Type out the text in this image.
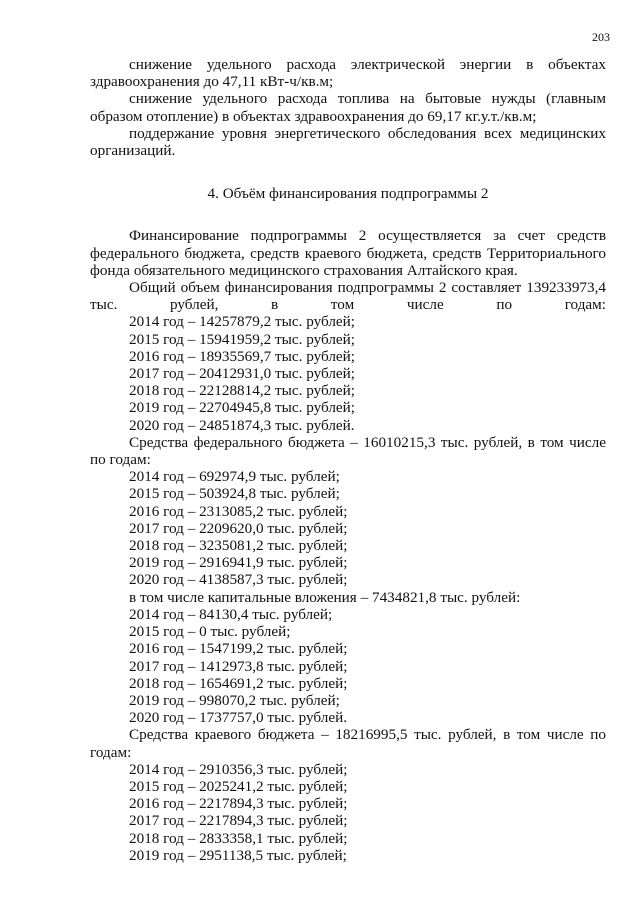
203

снижение удельного расхода электрической энергии в объектах здравоохранения до 47,11 кВт-ч/кв.м;

снижение удельного расхода топлива на бытовые нужды (главным образом отопление) в объектах здравоохранения до 69,17 кг.у.т./кв.м;

поддержание уровня энергетического обследования всех медицинских организаций.

4. Объём финансирования подпрограммы 2

Финансирование подпрограммы 2 осуществляется за счет средств федерального бюджета, средств краевого бюджета, средств Территориального фонда обязательного медицинского страхования Алтайского края.

Общий объем финансирования подпрограммы 2 составляет 139233973,4 тыс. рублей, в том числе по годам:

2014 год – 14257879,2 тыс. рублей;
2015 год – 15941959,2 тыс. рублей;
2016 год – 18935569,7 тыс. рублей;
2017 год – 20412931,0 тыс. рублей;
2018 год – 22128814,2 тыс. рублей;
2019 год – 22704945,8 тыс. рублей;
2020 год – 24851874,3 тыс. рублей.

Средства федерального бюджета – 16010215,3 тыс. рублей, в том числе по годам:

2014 год – 692974,9 тыс. рублей;
2015 год – 503924,8 тыс. рублей;
2016 год – 2313085,2 тыс. рублей;
2017 год – 2209620,0 тыс. рублей;
2018 год – 3235081,2 тыс. рублей;
2019 год – 2916941,9 тыс. рублей;
2020 год – 4138587,3 тыс. рублей;
в том числе капитальные вложения – 7434821,8 тыс. рублей:
2014 год – 84130,4 тыс. рублей;
2015 год – 0 тыс. рублей;
2016 год – 1547199,2 тыс. рублей;
2017 год – 1412973,8 тыс. рублей;
2018 год – 1654691,2 тыс. рублей;
2019 год – 998070,2 тыс. рублей;
2020 год – 1737757,0 тыс. рублей.

Средства краевого бюджета – 18216995,5 тыс. рублей, в том числе по годам:

2014 год – 2910356,3 тыс. рублей;
2015 год – 2025241,2 тыс. рублей;
2016 год – 2217894,3 тыс. рублей;
2017 год – 2217894,3 тыс. рублей;
2018 год – 2833358,1 тыс. рублей;
2019 год – 2951138,5 тыс. рублей;
